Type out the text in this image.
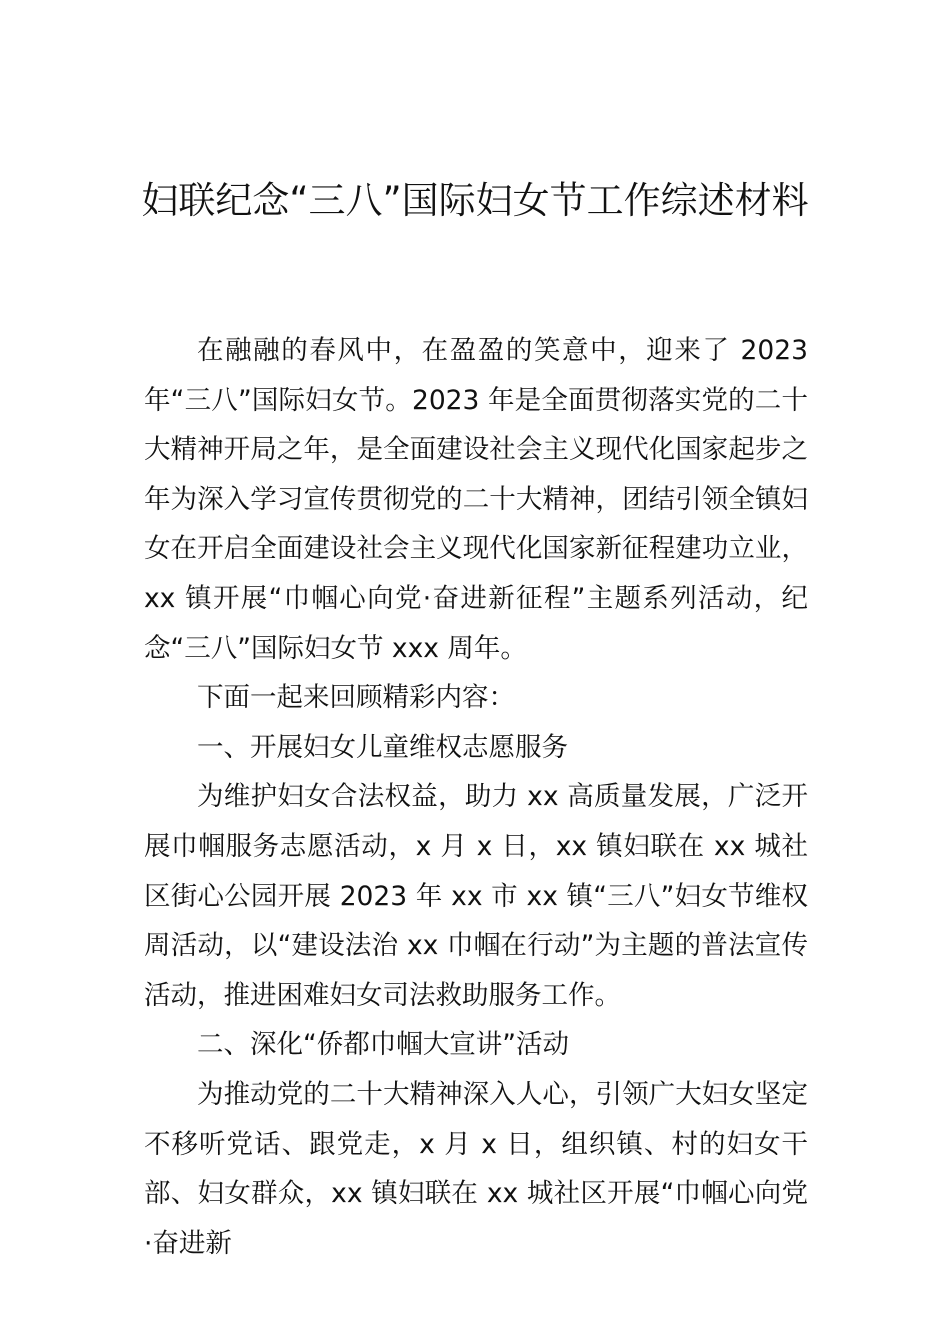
妇联纪念“三八”国际妇女节工作综述材料

在融融的春风中，在盈盈的笑意中，迎来了 2023 年“三八”国际妇女节。2023 年是全面贯彻落实党的二十大精神开局之年，是全面建设社会主义现代化国家起步之年为深入学习宣传贯彻党的二十大精神，团结引领全镇妇女在开启全面建设社会主义现代化国家新征程建功立业，xx 镇开展“巾帼心向党·奋进新征程”主题系列活动，纪念“三八”国际妇女节 xxx 周年。

下面一起来回顾精彩内容：

一、开展妇女儿童维权志愿服务

为维护妇女合法权益，助力 xx 高质量发展，广泛开展巾帼服务志愿活动，x 月 x 日，xx 镇妇联在 xx 城社区街心公园开展 2023 年 xx 市 xx 镇“三八”妇女节维权周活动，以“建设法治 xx 巾帼在行动”为主题的普法宣传活动，推进困难妇女司法救助服务工作。

二、深化“侨都巾帼大宣讲”活动

为推动党的二十大精神深入人心，引领广大妇女坚定不移听党话、跟党走，x 月 x 日，组织镇、村的妇女干部、妇女群众，xx 镇妇联在 xx 城社区开展“巾帼心向党·奋进新
